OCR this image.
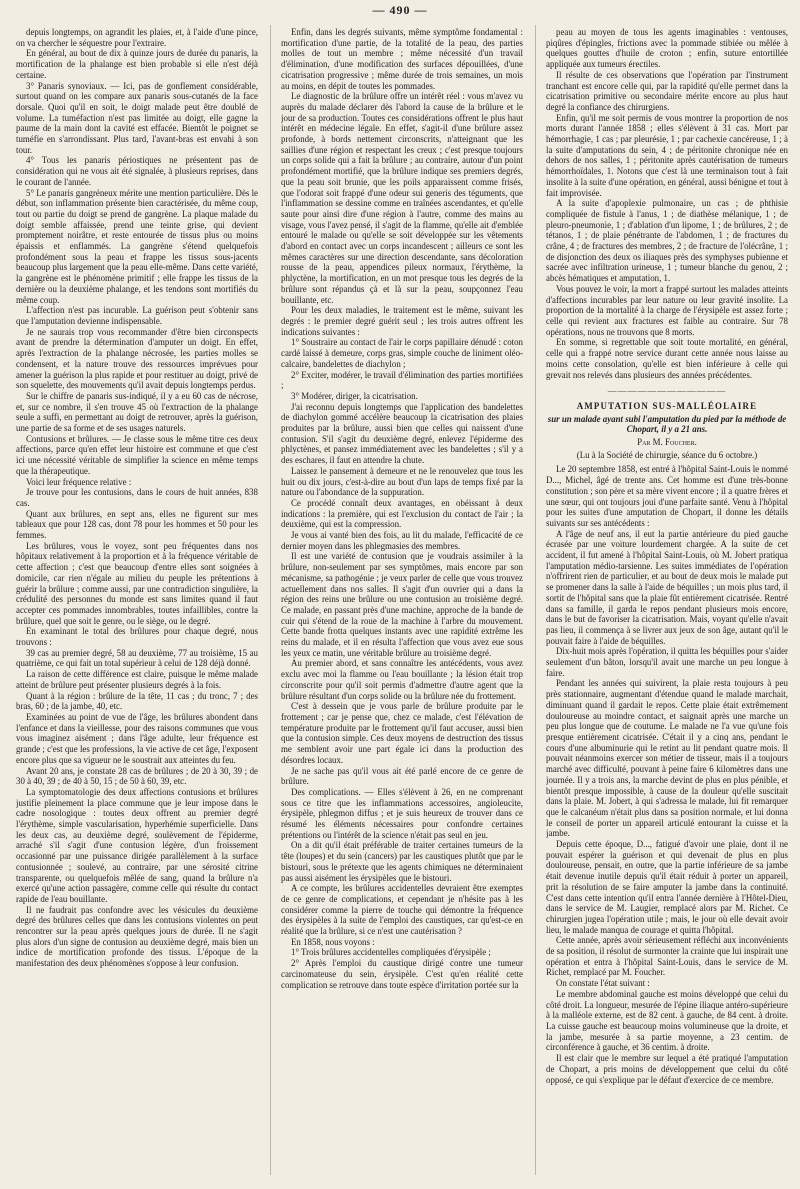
— 490 —

depuis longtemps, on agrandit les plaies, et, à l'aide d'une pince, on va chercher le séquestre pour l'extraire.

En général, au bout de dix à quinze jours de durée du panaris, la mortification de la phalange est bien probable si elle n'est déjà certaine.

3° Panaris synoviaux. — Ici, pas de gonflement considérable, surtout quand on les compare aux panaris sous-cutanés de la face dorsale. Quoi qu'il en soit, le doigt malade peut être doublé de volume. La tuméfaction n'est pas limitée au doigt, elle gagne la paume de la main dont la cavité est effacée. Bientôt le poignet se tuméfie en s'arrondissant. Plus tard, l'avant-bras est envahi à son tour.

4° Tous les panaris périostiques ne présentent pas de considération qui ne vous ait été signalée, à plusieurs reprises, dans le courant de l'année.

5° Le panaris gangréneux mérite une mention particulière. Dès le début, son inflammation présente bien caractérisée, du même coup, tout ou partie du doigt se prend de gangrène. La plaque malade du doigt semble affaissée, prend une teinte grise, qui devient promptement noirâtre, et reste entourée de tissus plus ou moins épaissis et enflammés. La gangrène s'étend quelquefois profondément sous la peau et frappe les tissus sous-jacents beaucoup plus largement que la peau elle-même. Dans cette variété, la gangrène est le phénomène primitif ; elle frappe les tissus de la dernière ou la deuxième phalange, et les tendons sont mortifiés du même coup.

L'affection n'est pas incurable. La guérison peut s'obtenir sans que l'amputation devienne indispensable.

Je ne saurais trop vous recommander d'être bien circonspects avant de prendre la détermination d'amputer un doigt. En effet, après l'extraction de la phalange nécrosée, les parties molles se condensent, et la nature trouve des ressources imprévues pour amener la guérison la plus rapide et pour restituer au doigt, privé de son squelette, des mouvements qu'il avait depuis longtemps perdus.

Sur le chiffre de panaris sus-indiqué, il y a eu 60 cas de nécrose, et, sur ce nombre, il s'en trouve 45 où l'extraction de la phalange seule a suffi, en permettant au doigt de retrouver, après la guérison, une partie de sa forme et de ses usages naturels.

Contusions et brûlures. — Je classe sous le même titre ces deux affections, parce qu'en effet leur histoire est commune et que c'est ici une nécessité véritable de simplifier la science en même temps que la thérapeutique.

Voici leur fréquence relative :

Je trouve pour les contusions, dans le cours de huit années, 838 cas.

Quant aux brûlures, en sept ans, elles ne figurent sur mes tableaux que pour 128 cas, dont 78 pour les hommes et 50 pour les femmes.

Les brûlures, vous le voyez, sont peu fréquentes dans nos hôpitaux relativement à la proportion et à la fréquence véritable de cette affection ; c'est que beaucoup d'entre elles sont soignées à domicile, car rien n'égale au milieu du peuple les prétentions à guérir la brûlure ; comme aussi, par une contradiction singulière, la crédulité des personnes du monde est sans limites quand il faut accepter ces pommades innombrables, toutes infaillibles, contre la brûlure, quel que soit le genre, ou le siège, ou le degré.

En examinant le total des brûlures pour chaque degré, nous trouvons :

39 cas au premier degré, 58 au deuxième, 77 au troisième, 15 au quatrième, ce qui fait un total supérieur à celui de 128 déjà donné.

La raison de cette différence est claire, puisque le même malade atteint de brûlure peut présenter plusieurs degrés à la fois.

Quant à la région : brûlure de la tête, 11 cas ; du tronc, 7 ; des bras, 60 ; de la jambe, 40, etc.

Examinées au point de vue de l'âge, les brûlures abondent dans l'enfance et dans la vieillesse, pour des raisons communes que vous vous imaginez aisément ; dans l'âge adulte, leur fréquence est grande ; c'est que les professions, la vie active de cet âge, l'exposent encore plus que sa vigueur ne le soustrait aux atteintes du feu.

Avant 20 ans, je constate 28 cas de brûlures ; de 20 à 30, 39 ; de 30 à 40, 39 ; de 40 à 50, 15 ; de 50 à 60, 39, etc.

La symptomatologie des deux affections contusions et brûlures justifie pleinement la place commune que je leur impose dans le cadre nosologique : toutes deux offrent au premier degré l'érythème, simple vascularisation, hyperhémie superficielle. Dans les deux cas, au deuxième degré, soulèvement de l'épiderme, arraché s'il s'agit d'une contusion légère, d'un froissement occasionné par une puissance dirigée parallèlement à la surface contusionnée ; soulevé, au contraire, par une sérosité citrine transparente, ou quelquefois mêlée de sang, quand la brûlure n'a exercé qu'une action passagère, comme celle qui résulte du contact rapide de l'eau bouillante.

Il ne faudrait pas confondre avec les vésicules du deuxième degré des brûlures celles que dans les contusions violentes on peut rencontrer sur la peau après quelques jours de durée. Il ne s'agit plus alors d'un signe de contusion au deuxième degré, mais bien un indice de mortification profonde des tissus. L'époque de la manifestation des deux phénomènes s'oppose à leur confusion.

Enfin, dans les degrés suivants, même symptôme fondamental : mortification d'une partie, de la totalité de la peau, des parties molles de tout un membre ; même nécessité d'un travail d'élimination, d'une modification des surfaces dépouillées, d'une cicatrisation progressive ; même durée de trois semaines, un mois au moins, en dépit de toutes les pommades.

Le diagnostic de la brûlure offre un intérêt réel : vous m'avez vu auprès du malade déclarer dès l'abord la cause de la brûlure et le jour de sa production. Toutes ces considérations offrent le plus haut intérêt en médecine légale. En effet, s'agit-il d'une brûlure assez profonde, à bords nettement circonscrits, n'atteignant que les saillies d'une région et respectant les creux ; c'est presque toujours un corps solide qui a fait la brûlure ; au contraire, autour d'un point profondément mortifié, que la brûlure indique ses premiers degrés, que la peau soit brunie, que les poils apparaissent comme frisés, que l'odorat soit frappé d'une odeur sui generis des téguments, que l'inflammation se dessine comme en traînées ascendantes, et qu'elle saute pour ainsi dire d'une région à l'autre, comme des mains au visage, vous l'avez pensé, il s'agit de la flamme, qu'elle ait d'emblée entouré le malade ou qu'elle se soit développée sur les vêtements d'abord en contact avec un corps incandescent ; ailleurs ce sont les mêmes caractères sur une direction descendante, sans décoloration rousse de la peau, appendices pileux normaux, l'érythème, la phlyctène, la mortification, en un mot presque tous les degrés de la brûlure sont répandus çà et là sur la peau, soupçonnez l'eau bouillante, etc.

Pour les deux maladies, le traitement est le même, suivant les degrés : le premier degré guérit seul ; les trois autres offrent les indications suivantes :

1° Soustraire au contact de l'air le corps papillaire dénudé : coton cardé laissé à demeure, corps gras, simple couche de liniment oléo-calcaire, bandelettes de diachylon ;

2° Exciter, modérer, le travail d'élimination des parties mortifiées ;

3° Modérer, diriger, la cicatrisation.

J'ai reconnu depuis longtemps que l'application des bandelettes de diachylon gommé accélère beaucoup la cicatrisation des plaies produites par la brûlure, aussi bien que celles qui naissent d'une contusion. S'il s'agit du deuxième degré, enlevez l'épiderme des phlyctènes, et pansez immédiatement avec les bandelettes ; s'il y a des eschares, il faut en attendre la chute.

Laissez le pansement à demeure et ne le renouvelez que tous les huit ou dix jours, c'est-à-dire au bout d'un laps de temps fixé par la nature ou l'abondance de la suppuration.

Ce procédé connaît deux avantages, en obéissant à deux indications : la première, qui est l'exclusion du contact de l'air ; la deuxième, qui est la compression.

Je vous ai vanté bien des fois, au lit du malade, l'efficacité de ce dernier moyen dans les phlegmasies des membres.

Il est une variété de contusion que je voudrais assimiler à la brûlure, non-seulement par ses symptômes, mais encore par son mécanisme, sa pathogénie ; je veux parler de celle que vous trouvez actuellement dans nos salles. Il s'agit d'un ouvrier qui a dans la région des reins une brûlure ou une contusion au troisième degré. Ce malade, en passant près d'une machine, approche de la bande de cuir qui s'étend de la roue de la machine à l'arbre du mouvement. Cette bande frotta quelques instants avec une rapidité extrême les reins du malade, et il en résulta l'affection que vous avez eue sous les yeux ce matin, une véritable brûlure au troisième degré.

Au premier abord, et sans connaître les antécédents, vous avez exclu avec moi la flamme ou l'eau bouillante ; la lésion était trop circonscrite pour qu'il soit permis d'admettre d'autre agent que la brûlure résultant d'un corps solide ou la brûlure née du frottement.

C'est à dessein que je vous parle de brûlure produite par le frottement ; car je pense que, chez ce malade, c'est l'élévation de température produite par le frottement qu'il faut accuser, aussi bien que la contusion simple. Ces deux moyens de destruction des tissus me semblent avoir une part égale ici dans la production des désordres locaux.

Je ne sache pas qu'il vous ait été parlé encore de ce genre de brûlure.

Des complications. — Elles s'élèvent à 26, en ne comprenant sous ce titre que les inflammations accessoires, angioleucite, érysipèle, phlegmon diffus ; et je suis heureux de trouver dans ce résumé les éléments nécessaires pour confondre certaines prétentions ou l'intérêt de la science n'était pas seul en jeu.

On a dit qu'il était préférable de traiter certaines tumeurs de la tête (loupes) et du sein (cancers) par les caustiques plutôt que par le bistouri, sous le prétexte que les agents chimiques ne déterminaient pas aussi aisément les érysipèles que le bistouri.

A ce compte, les brûlures accidentelles devraient être exemptes de ce genre de complications, et cependant je n'hésite pas à les considérer comme la pierre de touche qui démontre la fréquence des érysipèles à la suite de l'emploi des caustiques, car qu'est-ce en réalité que la brûlure, si ce n'est une cautérisation ?

En 1858, nous voyons :

1° Trois brûlures accidentelles compliquées d'érysipèle ;

2° Après l'emploi du caustique dirigé contre une tumeur carcinomateuse du sein, érysipèle. C'est qu'en réalité cette complication se retrouve dans toute espèce d'irritation portée sur la

peau au moyen de tous les agents imaginables : ventouses, piqûres d'épingles, frictions avec la pommade stibiée ou mêlée à quelques gouttes d'huile de croton ; enfin, suture entortillée appliquée aux tumeurs érectiles.

Il résulte de ces observations que l'opération par l'instrument tranchant est encore celle qui, par la rapidité qu'elle permet dans la cicatrisation primitive ou secondaire mérite encore au plus haut degré la confiance des chirurgiens.

Enfin, qu'il me soit permis de vous montrer la proportion de nos morts durant l'année 1858 ; elles s'élèvent à 31 cas. Mort par hémorrhagie, 1 cas ; par pleurésie, 1 ; par cachexie cancéreuse, 1 ; à la suite d'amputations du sein, 4 ; de péritonite chronique née en dehors de nos salles, 1 ; péritonite après cautérisation de tumeurs hémorrhoïdales, 1. Notons que c'est là une terminaison tout à fait insolite à la suite d'une opération, en général, aussi bénigne et tout à fait improvisée.

A la suite d'apoplexie pulmonaire, un cas ; de phthisie compliquée de fistule à l'anus, 1 ; de diathèse mélanique, 1 ; de pleuro-pneumonie, 1 ; d'ablation d'un lipome, 1 ; de brûlures, 2 ; de tétanos, 1 ; de plaie pénétrante de l'abdomen, 1 ; de fractures du crâne, 4 ; de fractures des membres, 2 ; de fracture de l'olécrâne, 1 ; de disjonction des deux os iliaques près des symphyses pubienne et sacrée avec infiltration urineuse, 1 ; tumeur blanche du genou, 2 ; abcès hématiques et amputation, 1.

Vous pouvez le voir, la mort a frappé surtout les malades atteints d'affections incurables par leur nature ou leur gravité insolite. La proportion de la mortalité à la charge de l'érysipèle est assez forte ; celle qui revient aux fractures est faible au contraire. Sur 78 opérations, nous ne trouvons que 8 morts.

En somme, si regrettable que soit toute mortalité, en général, celle qui a frappé notre service durant cette année nous laisse au moins cette consolation, qu'elle est bien inférieure à celle qui grevait nos relevés dans plusieurs des années précédentes.

————————————
AMPUTATION SUS-MALLÉOLAIRE
sur un malade ayant subi l'amputation du pied par la méthode de Chopart, il y a 21 ans.
Par M. Foucher.
(Lu à la Société de chirurgie, séance du 6 octobre.)

Le 20 septembre 1858, est entré à l'hôpital Saint-Louis le nommé D..., Michel, âgé de trente ans. Cet homme est d'une très-bonne constitution ; son père et sa mère vivent encore ; il a quatre frères et une sœur, qui ont toujours joui d'une parfaite santé. Venu à l'hôpital pour les suites d'une amputation de Chopart, il donne les détails suivants sur ses antécédents :

A l'âge de neuf ans, il eut la partie antérieure du pied gauche écrasée par une voiture lourdement chargée. A la suite de cet accident, il fut amené à l'hôpital Saint-Louis, où M. Jobert pratiqua l'amputation médio-tarsienne. Les suites immédiates de l'opération n'offrirent rien de particulier, et au bout de deux mois le malade put se promener dans la salle à l'aide de béquilles ; un mois plus tard, il sortit de l'hôpital sans que la plaie fût entièrement cicatrisée. Rentré dans sa famille, il garda le repos pendant plusieurs mois encore, dans le but de favoriser la cicatrisation. Mais, voyant qu'elle n'avait pas lieu, il commença à se livrer aux jeux de son âge, autant qu'il le pouvait faire à l'aide de béquilles.

Dix-huit mois après l'opération, il quitta les béquilles pour s'aider seulement d'un bâton, lorsqu'il avait une marche un peu longue à faire.

Pendant les années qui suivirent, la plaie resta toujours à peu près stationnaire, augmentant d'étendue quand le malade marchait, diminuant quand il gardait le repos. Cette plaie était extrêmement douloureuse au moindre contact, et saignait après une marche un peu plus longue que de coutume. Le malade ne l'a vue qu'une fois presque entièrement cicatrisée. C'était il y a cinq ans, pendant le cours d'une albuminurie qui le retint au lit pendant quatre mois. Il pouvait néanmoins exercer son métier de tisseur, mais il a toujours marché avec difficulté, pouvant à peine faire 6 kilomètres dans une journée. Il y a trois ans, la marche devint de plus en plus pénible, et bientôt presque impossible, à cause de la douleur qu'elle suscitait dans la plaie. M. Jobert, à qui s'adressa le malade, lui fit remarquer que le calcanéum n'était plus dans sa position normale, et lui donna le conseil de porter un appareil articulé entourant la cuisse et la jambe.

Depuis cette époque, D..., fatigué d'avoir une plaie, dont il ne pouvait espérer la guérison et qui devenait de plus en plus douloureuse, pensait, en outre, que la partie inférieure de sa jambe était devenue inutile depuis qu'il était réduit à porter un appareil, prit la résolution de se faire amputer la jambe dans la continuité. C'est dans cette intention qu'il entra l'année dernière à l'Hôtel-Dieu, dans le service de M. Laugier, remplacé alors par M. Richet. Ce chirurgien jugea l'opération utile ; mais, le jour où elle devait avoir lieu, le malade manqua de courage et quitta l'hôpital.

Cette année, après avoir sérieusement réfléchi aux inconvénients de sa position, il résolut de surmonter la crainte que lui inspirait une opération et entra à l'hôpital Saint-Louis, dans le service de M. Richet, remplacé par M. Foucher.

On constate l'état suivant :

Le membre abdominal gauche est moins développé que celui du côté droit. La longueur, mesurée de l'épine iliaque antéro-supérieure à la malléole externe, est de 82 cent. à gauche, de 84 cent. à droite. La cuisse gauche est beaucoup moins volumineuse que la droite, et la jambe, mesurée à sa partie moyenne, a 23 centim. de circonférence à gauche, et 36 centim. à droite.

Il est clair que le membre sur lequel a été pratiqué l'amputation de Chopart, a pris moins de développement que celui du côté opposé, ce qui s'explique par le défaut d'exercice de ce membre.
